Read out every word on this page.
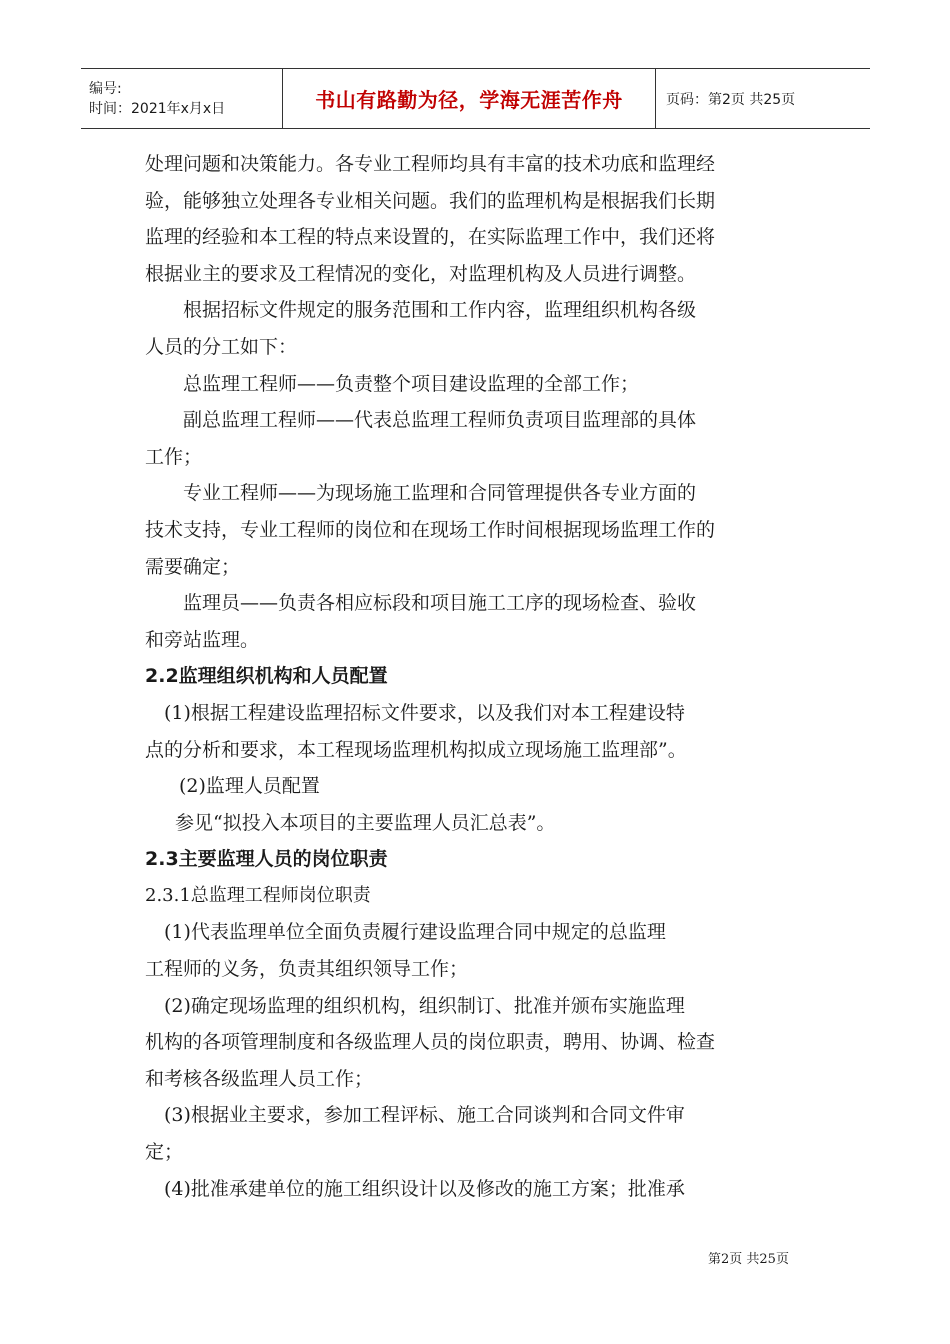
编号:
时间：2021年x月x日	书山有路勤为径，学海无涯苦作舟	页码：第2页 共25页
处理问题和决策能力。各专业工程师均具有丰富的技术功底和监理经
验，能够独立处理各专业相关问题。我们的监理机构是根据我们长期
监理的经验和本工程的特点来设置的，在实际监理工作中，我们还将
根据业主的要求及工程情况的变化，对监理机构及人员进行调整。
根据招标文件规定的服务范围和工作内容，监理组织机构各级
人员的分工如下：
总监理工程师——负责整个项目建设监理的全部工作；
副总监理工程师——代表总监理工程师负责项目监理部的具体
工作；
专业工程师——为现场施工监理和合同管理提供各专业方面的
技术支持，专业工程师的岗位和在现场工作时间根据现场监理工作的
需要确定；
监理员——负责各相应标段和项目施工工序的现场检查、验收
和旁站监理。
2.2监理组织机构和人员配置
(1)根据工程建设监理招标文件要求，以及我们对本工程建设特
点的分析和要求，本工程现场监理机构拟成立现场施工监理部”。
(2)监理人员配置
参见“拟投入本项目的主要监理人员汇总表”。
2.3主要监理人员的岗位职责
2.3.1总监理工程师岗位职责
(1)代表监理单位全面负责履行建设监理合同中规定的总监理
工程师的义务，负责其组织领导工作；
(2)确定现场监理的组织机构，组织制订、批准并颁布实施监理
机构的各项管理制度和各级监理人员的岗位职责，聘用、协调、检查
和考核各级监理人员工作；
(3)根据业主要求，参加工程评标、施工合同谈判和合同文件审
定；
(4)批准承建单位的施工组织设计以及修改的施工方案；批准承
第2页 共25页
